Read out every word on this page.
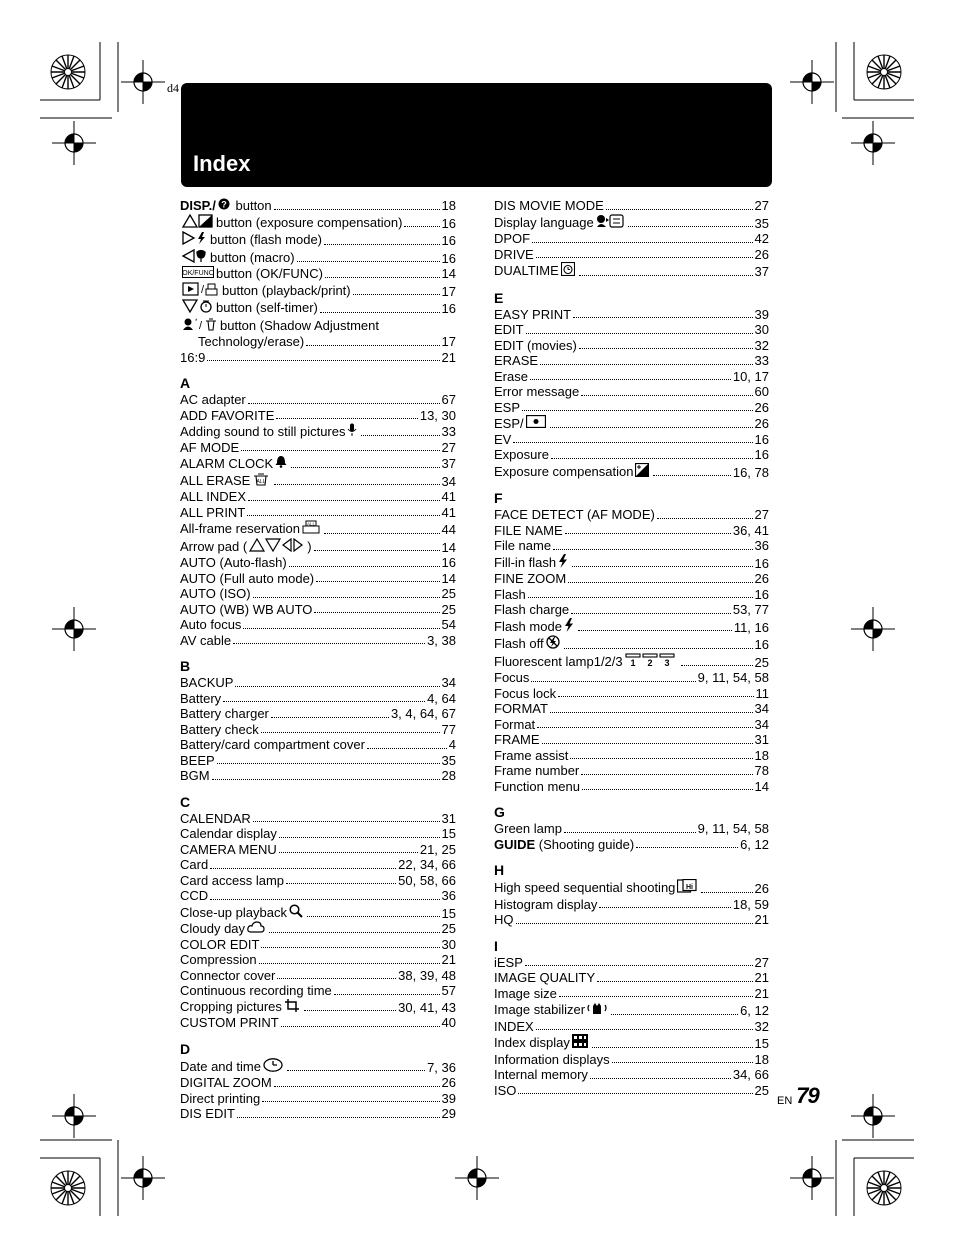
d4
Index
DISP./ ? button	18
button (exposure compensation)	16
button (flash mode)	16
button (macro)	16
OK/FUNC button (OK/FUNC)	14
/ button (playback/print)	17
button (self-timer)	16
* / button (Shadow Adjustment
Technology/erase)	17
16:9	21
A
AC adapter	67
ADD FAVORITE	13, 30
Adding sound to still pictures	33
AF MODE	27
ALARM CLOCK	37
ALL ERASE ALL	34
ALL INDEX	41
ALL PRINT	41
All-frame reservation ALL	44
Arrow pad (	)	14
AUTO (Auto-flash)	16
AUTO (Full auto mode)	14
AUTO (ISO)	25
AUTO (WB) WB AUTO	25
Auto focus	54
AV cable	3, 38
B
BACKUP	34
Battery	4, 64
Battery charger	3, 4, 64, 67
Battery check	77
Battery/card compartment cover	4
BEEP	35
BGM	28
C
CALENDAR	31
Calendar display	15
CAMERA MENU	21, 25
Card	22, 34, 66
Card access lamp	50, 58, 66
CCD	36
Close-up playback	15
Cloudy day	25
COLOR EDIT	30
Compression	21
Connector cover	38, 39, 48
Continuous recording time	57
Cropping pictures	30, 41, 43
CUSTOM PRINT	40
D
Date and time	7, 36
DIGITAL ZOOM	26
Direct printing	39
DIS EDIT	29
DIS MOVIE MODE	27
Display language	35
DPOF	42
DRIVE	26
DUALTIME	37
E
EASY PRINT	39
EDIT	30
EDIT (movies)	32
ERASE	33
Erase	10, 17
Error message	60
ESP	26
ESP/	26
EV	16
Exposure	16
Exposure compensation	16, 78
F
FACE DETECT (AF MODE)	27
FILE NAME	36, 41
File name	36
Fill-in flash	16
FINE ZOOM	26
Flash	16
Flash charge	53, 77
Flash mode	11, 16
Flash off	16
Fluorescent lamp1/2/3 1 2 3	25
Focus	9, 11, 54, 58
Focus lock	11
FORMAT	34
Format	34
FRAME	31
Frame assist	18
Frame number	78
Function menu	14
G
Green lamp	9, 11, 54, 58
GUIDE (Shooting guide)	6, 12
H
High speed sequential shooting Hi	26
Histogram display	18, 59
HQ	21
I
iESP	27
IMAGE QUALITY	21
Image size	21
Image stabilizer	6, 12
INDEX	32
Index display	15
Information displays	18
Internal memory	34, 66
ISO	25
EN 79
